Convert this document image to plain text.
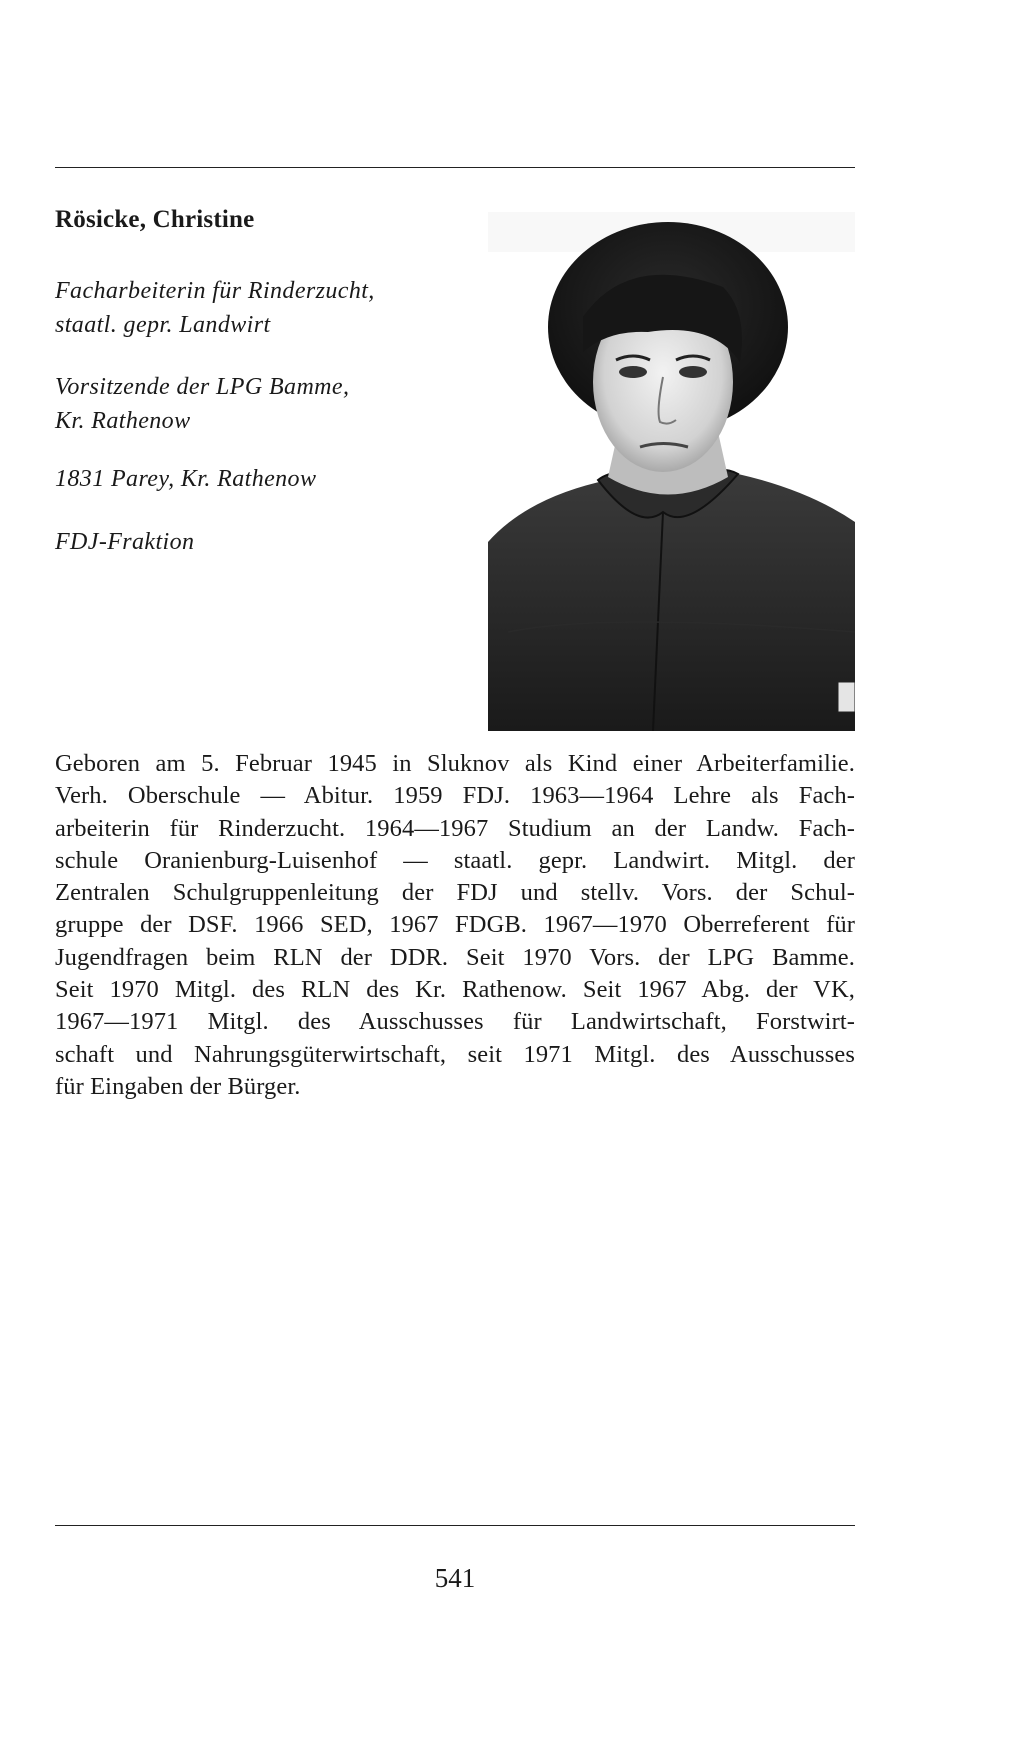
Rösicke, Christine
Facharbeiterin für Rinderzucht,
staatl. gepr. Landwirt
Vorsitzende der LPG Bamme,
Kr. Rathenow
1831 Parey, Kr. Rathenow
FDJ-Fraktion
Geboren am 5. Februar 1945 in Sluknov als Kind einer Arbeiterfamilie.
Verh. Oberschule — Abitur. 1959 FDJ. 1963—1964 Lehre als Fach-
arbeiterin für Rinderzucht. 1964—1967 Studium an der Landw. Fach-
schule Oranienburg-Luisenhof — staatl. gepr. Landwirt. Mitgl. der
Zentralen Schulgruppenleitung der FDJ und stellv. Vors. der Schul-
gruppe der DSF. 1966 SED, 1967 FDGB. 1967—1970 Oberreferent für
Jugendfragen beim RLN der DDR. Seit 1970 Vors. der LPG Bamme.
Seit 1970 Mitgl. des RLN des Kr. Rathenow. Seit 1967 Abg. der VK,
1967—1971 Mitgl. des Ausschusses für Landwirtschaft, Forstwirt-
schaft und Nahrungsgüterwirtschaft, seit 1971 Mitgl. des Ausschusses
für Eingaben der Bürger.
541
